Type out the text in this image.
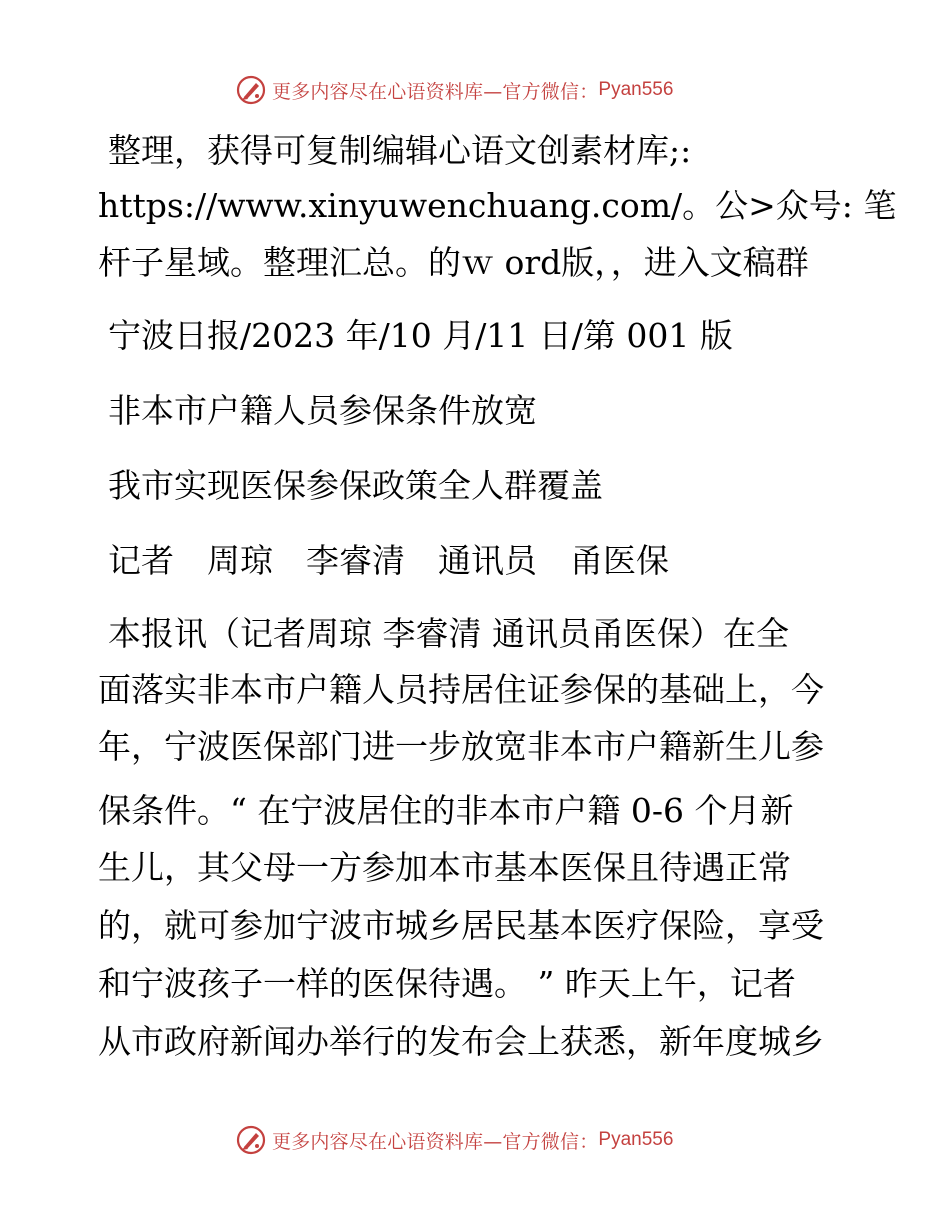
更多内容尽在心语资料库—官方微信： Pyan556
整理，获得可复制编辑心语文创素材库;:
https://www.xinyuwenchuang.com/。公>众号: 笔
杆子星域。整理汇总。的ｗ ord版，，进入文稿群
宁波日报/2023 年/10 月/11 日/第 001 版
非本市户籍人员参保条件放宽
我市实现医保参保政策全人群覆盖
记者　周琼　李睿清　通讯员　甬医保
本报讯（记者周琼 李睿清 通讯员甬医保）在全
面落实非本市户籍人员持居住证参保的基础上，今
年，宁波医保部门进一步放宽非本市户籍新生儿参
保条件。“ 在宁波居住的非本市户籍 0-6 个月新
生儿，其父母一方参加本市基本医保且待遇正常
的，就可参加宁波市城乡居民基本医疗保险，享受
和宁波孩子一样的医保待遇。 ” 昨天上午，记者
从市政府新闻办举行的发布会上获悉，新年度城乡
更多内容尽在心语资料库—官方微信： Pyan556
